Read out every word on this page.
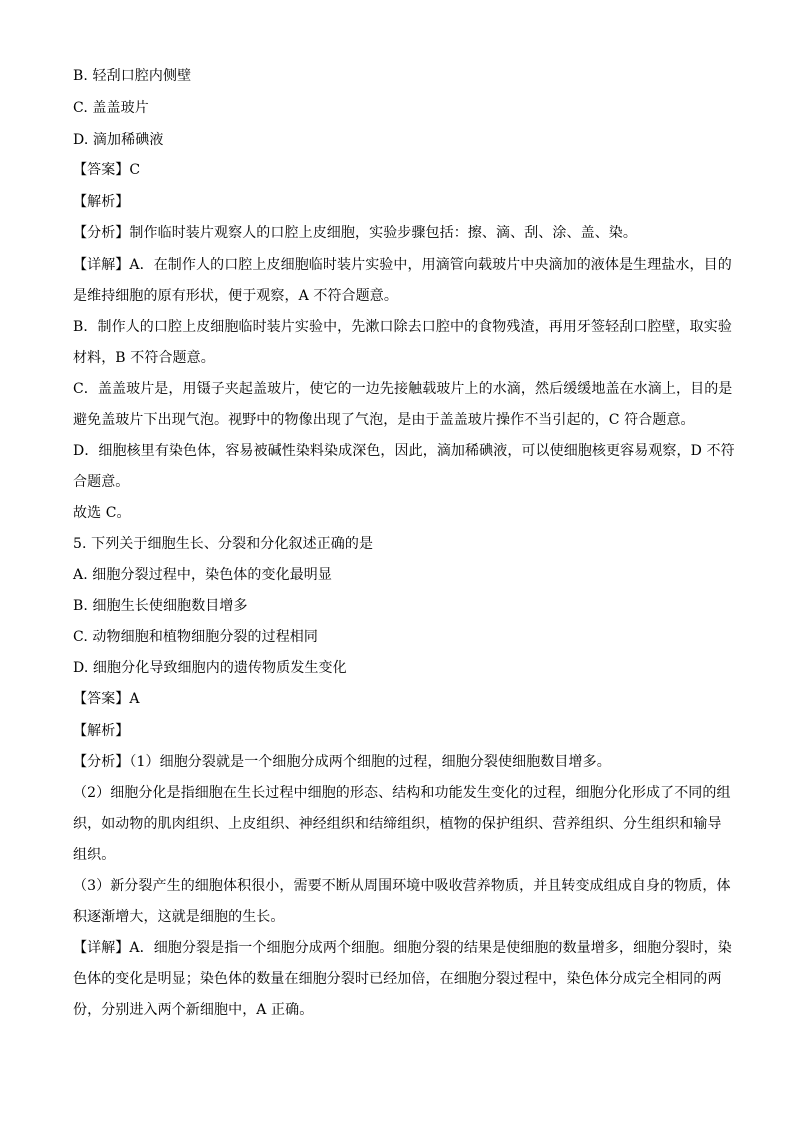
B. 轻刮口腔内侧壁
C. 盖盖玻片
D. 滴加稀碘液
【答案】C
【解析】
【分析】制作临时装片观察人的口腔上皮细胞，实验步骤包括：擦、滴、刮、涂、盖、染。
【详解】A．在制作人的口腔上皮细胞临时装片实验中，用滴管向载玻片中央滴加的液体是生理盐水，目的
是维持细胞的原有形状，便于观察，A 不符合题意。
B．制作人的口腔上皮细胞临时装片实验中，先漱口除去口腔中的食物残渣，再用牙签轻刮口腔壁，取实验
材料，B 不符合题意。
C．盖盖玻片是，用镊子夹起盖玻片，使它的一边先接触载玻片上的水滴，然后缓缓地盖在水滴上，目的是
避免盖玻片下出现气泡。视野中的物像出现了气泡，是由于盖盖玻片操作不当引起的，C 符合题意。
D．细胞核里有染色体，容易被碱性染料染成深色，因此，滴加稀碘液，可以使细胞核更容易观察，D 不符
合题意。
故选 C。
5. 下列关于细胞生长、分裂和分化叙述正确的是
A. 细胞分裂过程中，染色体的变化最明显
B. 细胞生长使细胞数目增多
C. 动物细胞和植物细胞分裂的过程相同
D. 细胞分化导致细胞内的遗传物质发生变化
【答案】A
【解析】
【分析】（1）细胞分裂就是一个细胞分成两个细胞的过程，细胞分裂使细胞数目增多。
（2）细胞分化是指细胞在生长过程中细胞的形态、结构和功能发生变化的过程，细胞分化形成了不同的组
织，如动物的肌肉组织、上皮组织、神经组织和结缔组织，植物的保护组织、营养组织、分生组织和输导
组织。
（3）新分裂产生的细胞体积很小，需要不断从周围环境中吸收营养物质，并且转变成组成自身的物质，体
积逐渐增大，这就是细胞的生长。
【详解】A．细胞分裂是指一个细胞分成两个细胞。细胞分裂的结果是使细胞的数量增多，细胞分裂时，染
色体的变化是明显；染色体的数量在细胞分裂时已经加倍，在细胞分裂过程中，染色体分成完全相同的两
份，分别进入两个新细胞中，A 正确。
